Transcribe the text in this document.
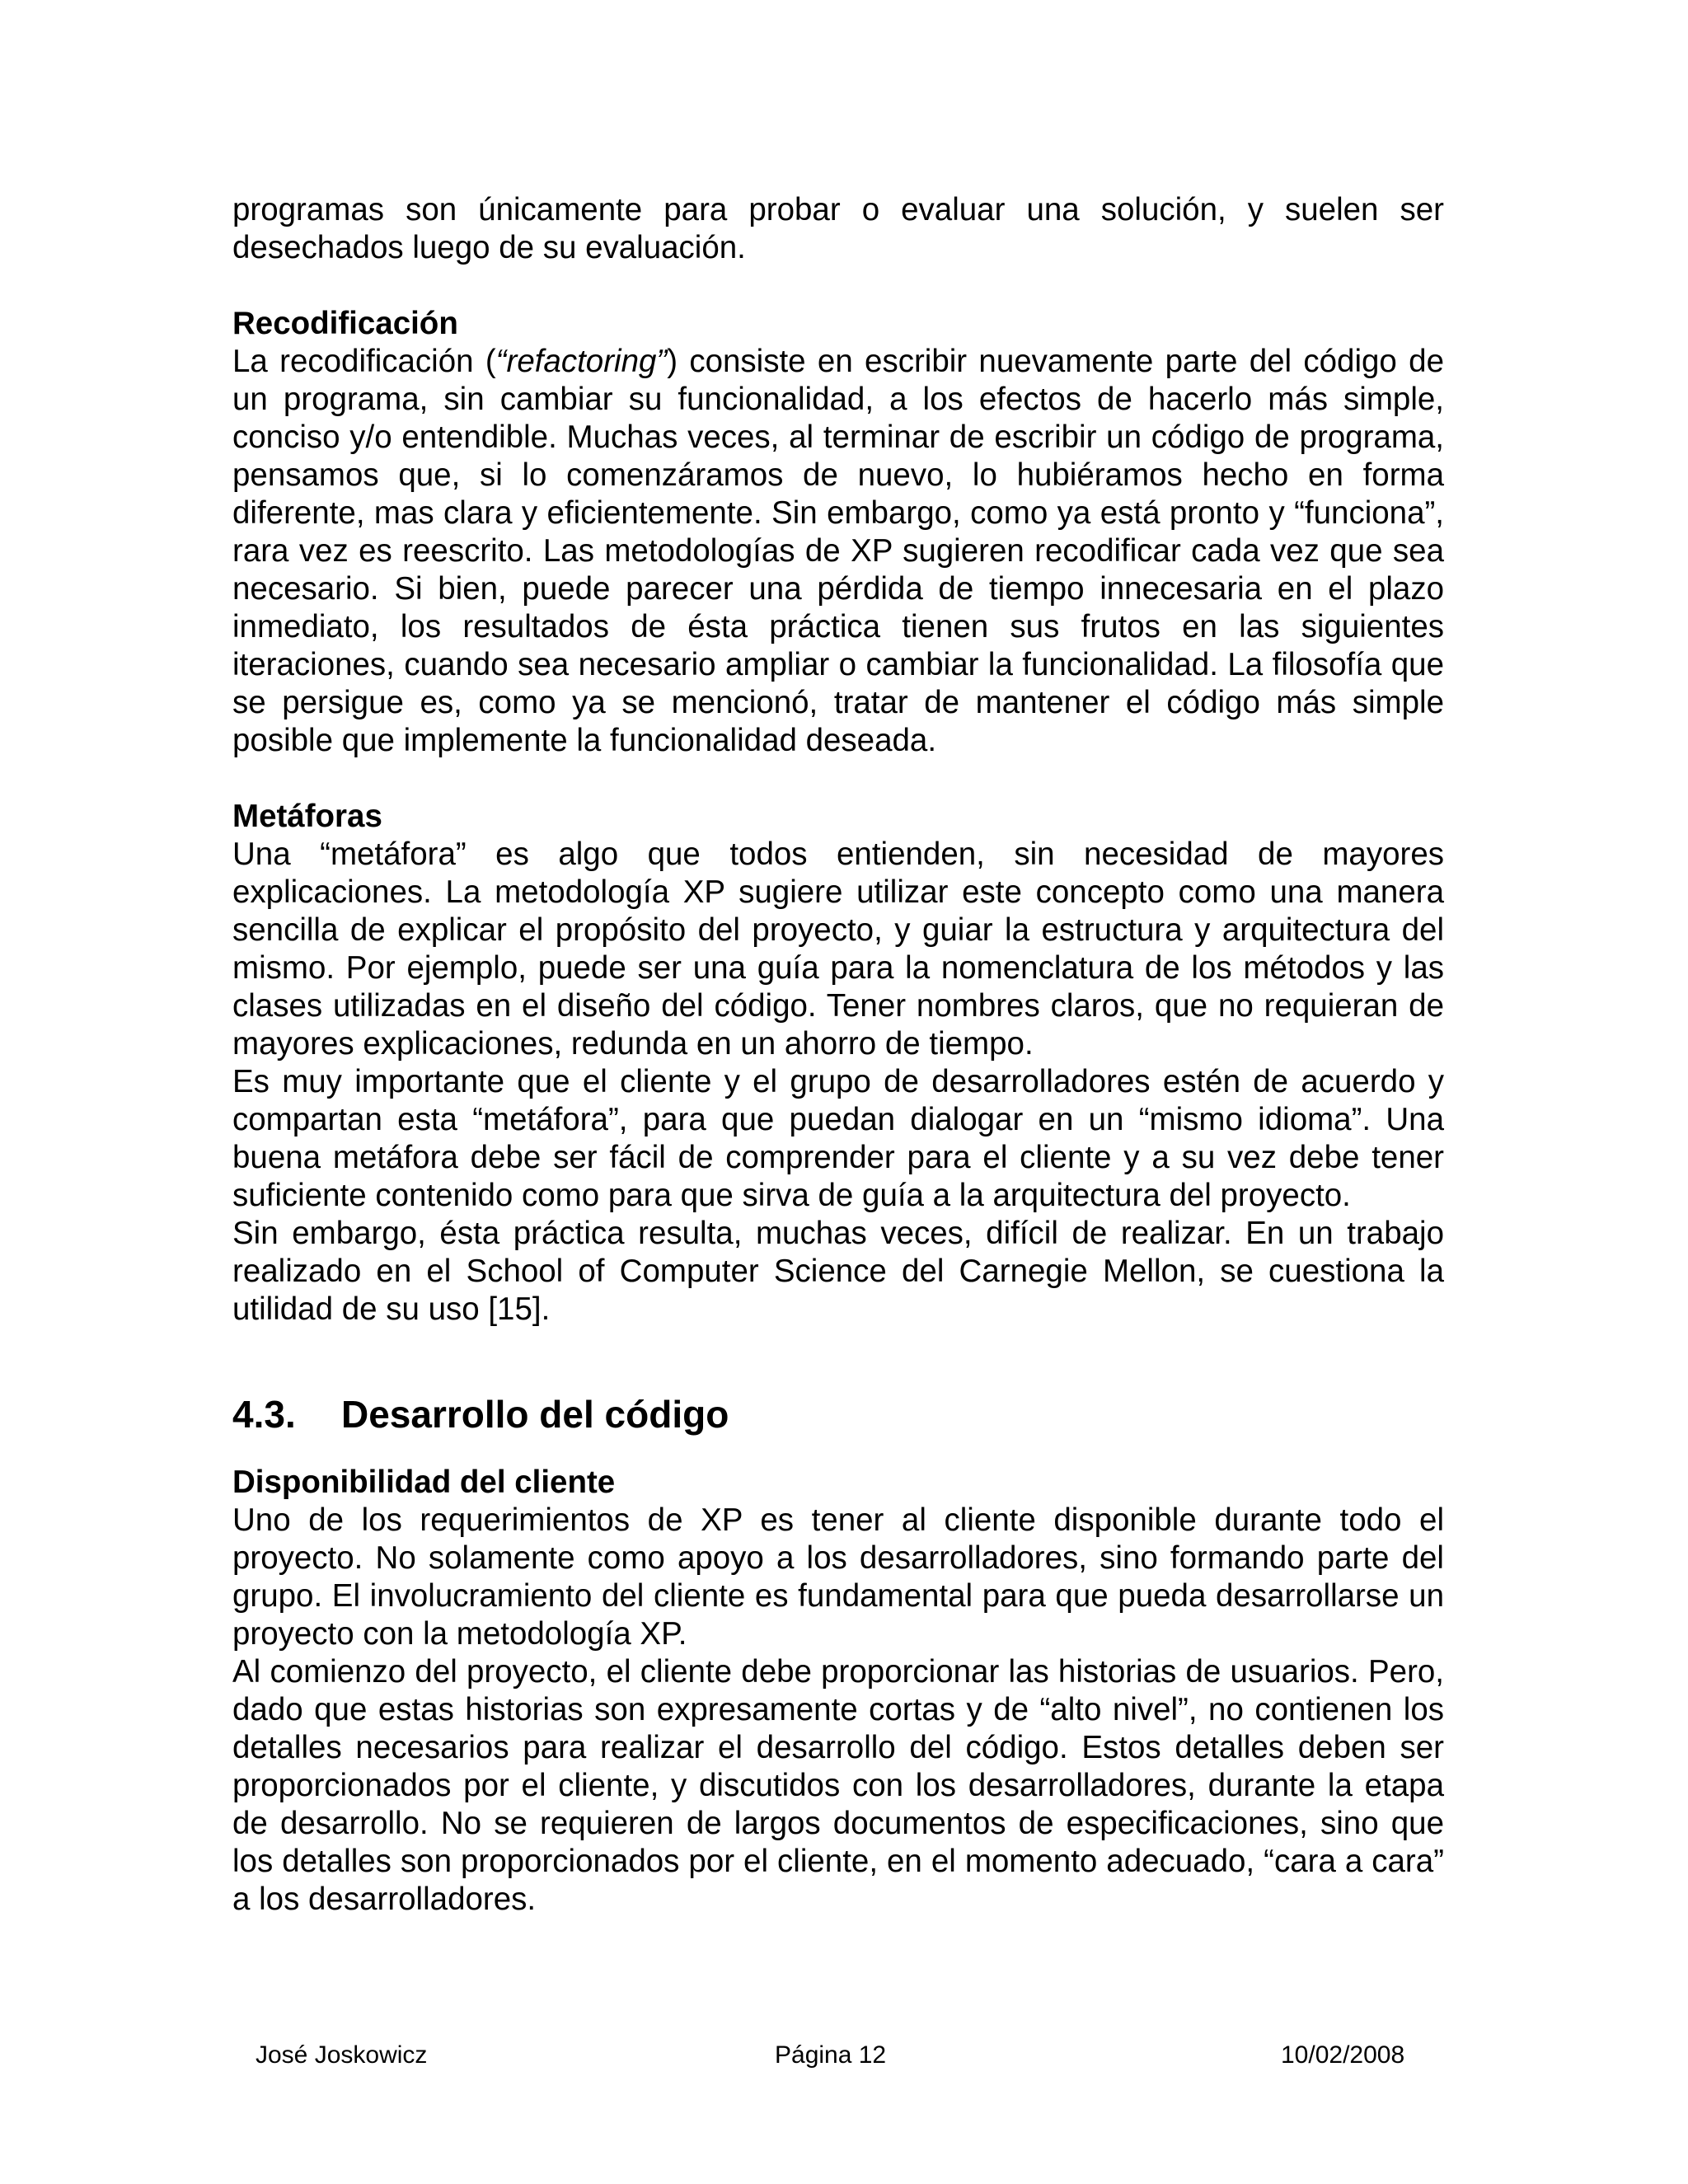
programas son únicamente para probar o evaluar una solución, y suelen ser desechados luego de su evaluación.

Recodificación

La recodificación (“refactoring”) consiste en escribir nuevamente parte del código de un programa, sin cambiar su funcionalidad, a los efectos de hacerlo más simple, conciso y/o entendible. Muchas veces, al terminar de escribir un código de programa, pensamos que, si lo comenzáramos de nuevo, lo hubiéramos hecho en forma diferente, mas clara y eficientemente. Sin embargo, como ya está pronto y “funciona”, rara vez es reescrito. Las metodologías de XP sugieren recodificar cada vez que sea necesario. Si bien, puede parecer una pérdida de tiempo innecesaria en el plazo inmediato, los resultados de ésta práctica tienen sus frutos en las siguientes iteraciones, cuando sea necesario ampliar o cambiar la funcionalidad. La filosofía que se persigue es, como ya se mencionó, tratar de mantener el código más simple posible que implemente la funcionalidad deseada.

Metáforas

Una “metáfora” es algo que todos entienden, sin necesidad de mayores explicaciones. La metodología XP sugiere utilizar este concepto como una manera sencilla de explicar el propósito del proyecto, y guiar la estructura y arquitectura del mismo. Por ejemplo, puede ser una guía para la nomenclatura de los métodos y las clases utilizadas en el diseño del código. Tener nombres claros, que no requieran de mayores explicaciones, redunda en un ahorro de tiempo.

Es muy importante que el cliente y el grupo de desarrolladores estén de acuerdo y compartan esta “metáfora”, para que puedan dialogar en un “mismo idioma”. Una buena metáfora debe ser fácil de comprender para el cliente y a su vez debe tener suficiente contenido como para que sirva de guía a la arquitectura del proyecto.

Sin embargo, ésta práctica resulta, muchas veces, difícil de realizar. En un trabajo realizado en el School of Computer Science del Carnegie Mellon, se cuestiona la utilidad de su uso [15].

4.3.	Desarrollo del código

Disponibilidad del cliente

Uno de los requerimientos de XP es tener al cliente disponible durante todo el proyecto. No solamente como apoyo a los desarrolladores, sino formando parte del grupo. El involucramiento del cliente es fundamental para que pueda desarrollarse un proyecto con la metodología XP.

Al comienzo del proyecto, el cliente debe proporcionar las historias de usuarios. Pero, dado que estas historias son expresamente cortas y de “alto nivel”, no contienen los detalles necesarios para realizar el desarrollo del código. Estos detalles deben ser proporcionados por el cliente, y discutidos con los desarrolladores, durante la etapa de desarrollo. No se requieren de largos documentos de especificaciones, sino que los detalles son proporcionados por el cliente, en el momento adecuado, “cara a cara” a los desarrolladores.

José Joskowicz	Página 12	10/02/2008
